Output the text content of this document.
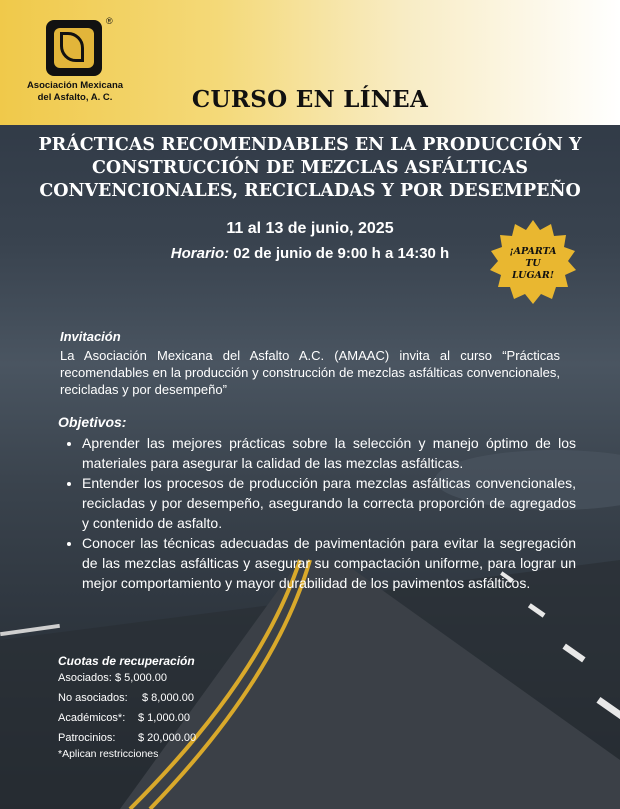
®
Asociación Mexicana
del Asfalto, A. C.	CURSO EN LÍNEA
PRÁCTICAS RECOMENDABLES EN LA PRODUCCIÓN Y
CONSTRUCCIÓN DE MEZCLAS ASFÁLTICAS
CONVENCIONALES, RECICLADAS Y POR DESEMPEÑO
11 al 13 de junio, 2025
Horario: 02 de junio de 9:00 h a 14:30 h	¡APARTA
TU
LUGAR!
Invitación
La Asociación Mexicana del Asfalto A.C. (AMAAC) invita al curso “Prácticas recomendables en la producción y construcción de mezclas asfálticas convencionales, recicladas y por desempeño”
Objetivos:
• Aprender las mejores prácticas sobre la selección y manejo óptimo de los materiales para asegurar la calidad de las mezclas asfálticas.
• Entender los procesos de producción para mezclas asfálticas convencionales, recicladas y por desempeño, asegurando la correcta proporción de agregados y contenido de asfalto.
• Conocer las técnicas adecuadas de pavimentación para evitar la segregación de las mezclas asfálticas y asegurar su compactación uniforme, para lograr un mejor comportamiento y mayor durabilidad de los pavimentos asfálticos.
Cuotas de recuperación
Asociados: $ 5,000.00
No asociados:	$ 8,000.00
Académicos*:	$ 1,000.00
Patrocinios:	$ 20,000.00
*Aplican restricciones
